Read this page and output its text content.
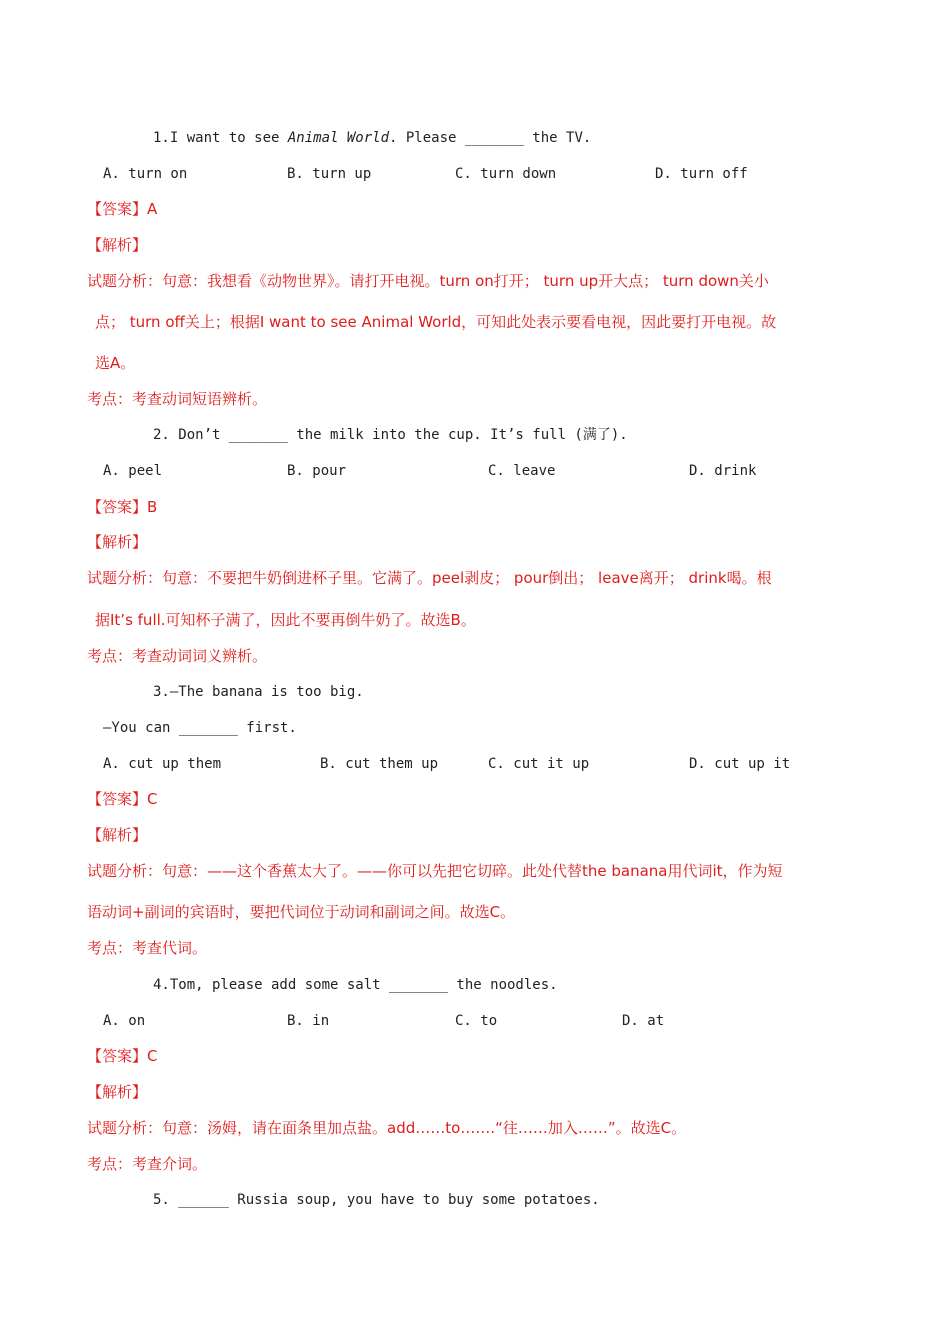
1.I want to see Animal World. Please _______ the TV.
A. turn on	B. turn up	C. turn down	D. turn off
【答案】A
【解析】
试题分析：句意：我想看《动物世界》。请打开电视。turn on打开； turn up开大点； turn down关小
点； turn off关上；根据I want to see Animal World，可知此处表示要看电视，因此要打开电视。故
选A。
考点：考查动词短语辨析。
2. Don’t _______ the milk into the cup. It’s full (满了).
A. peel	B. pour	C. leave	D. drink
【答案】B
【解析】
试题分析：句意：不要把牛奶倒进杯子里。它满了。peel剥皮； pour倒出； leave离开； drink喝。根
据It’s full.可知杯子满了，因此不要再倒牛奶了。故选B。
考点：考查动词词义辨析。
3.—The banana is too big.
—You can _______ first.
A. cut up them	B. cut them up	C. cut it up	D. cut up it
【答案】C
【解析】
试题分析：句意：——这个香蕉太大了。——你可以先把它切碎。此处代替the banana用代词it，作为短
语动词+副词的宾语时，要把代词位于动词和副词之间。故选C。
考点：考查代词。
4.Tom, please add some salt _______ the noodles.
A. on	B. in	C. to	D. at
【答案】C
【解析】
试题分析：句意：汤姆，请在面条里加点盐。add……to…….“往……加入……”。故选C。
考点：考查介词。
5. ______ Russia soup, you have to buy some potatoes.
